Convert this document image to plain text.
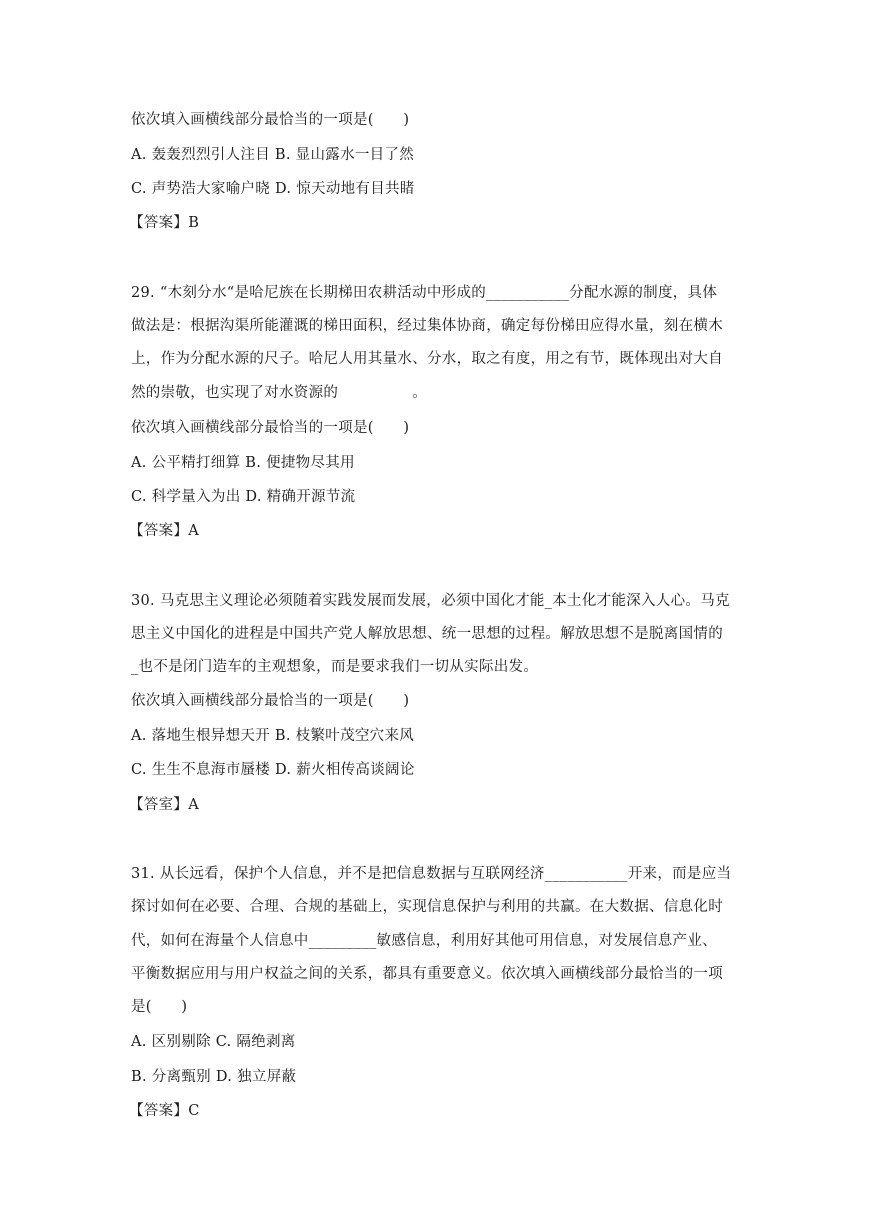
依次填入画横线部分最恰当的一项是(　　)
A. 轰轰烈烈引人注目 B. 显山露水一目了然
C. 声势浩大家喻户晓 D. 惊天动地有目共睹
【答案】B
29. “木刻分水“是哈尼族在长期梯田农耕活动中形成的___________分配水源的制度，具体
做法是：根据沟渠所能灌溉的梯田面积，经过集体协商，确定每份梯田应得水量，刻在横木
上，作为分配水源的尺子。哈尼人用其量水、分水，取之有度，用之有节，既体现出对大自
然的崇敬，也实现了对水资源的　　　　　。
依次填入画横线部分最恰当的一项是(　　)
A. 公平精打细算 B. 便捷物尽其用
C. 科学量入为出 D. 精确开源节流
【答案】A
30. 马克思主义理论必须随着实践发展而发展，必须中国化才能_本土化才能深入人心。马克
思主义中国化的进程是中国共产党人解放思想、统一思想的过程。解放思想不是脱离国情的
_也不是闭门造车的主观想象，而是要求我们一切从实际出发。
依次填入画横线部分最恰当的一项是(　　)
A. 落地生根异想天开 B. 枝繁叶茂空穴来风
C. 生生不息海市蜃楼 D. 薪火相传高谈阔论
【答室】A
31. 从长远看，保护个人信息，并不是把信息数据与互联网经济___________开来，而是应当
探讨如何在必要、合理、合规的基础上，实现信息保护与利用的共赢。在大数据、信息化时
代，如何在海量个人信息中_________敏感信息，利用好其他可用信息，对发展信息产业、
平衡数据应用与用户权益之间的关系，都具有重要意义。依次填入画横线部分最恰当的一项
是(　　)
A. 区别剔除 C. 隔绝剥离
B. 分离甄别 D. 独立屏蔽
【答案】C
